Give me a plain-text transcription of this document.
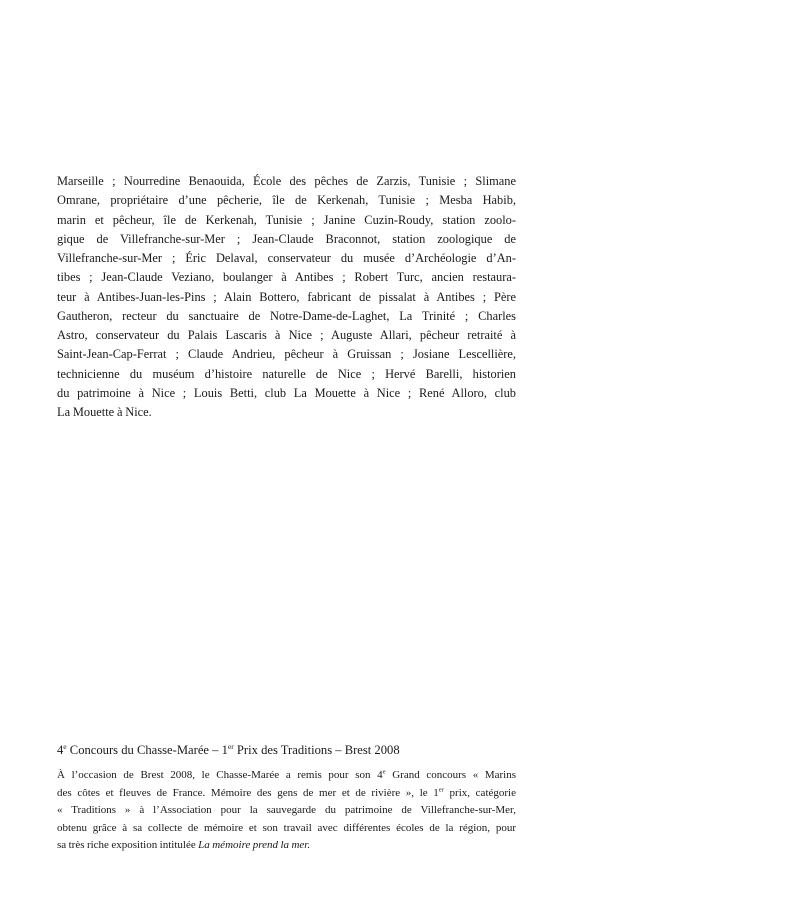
Marseille ; Nourredine Benaouida, École des pêches de Zarzis, Tunisie ; Slimane
Omrane, propriétaire d’une pêcherie, île de Kerkenah, Tunisie ; Mesba Habib,
marin et pêcheur, île de Kerkenah, Tunisie ; Janine Cuzin-Roudy, station zoolo-
gique de Villefranche-sur-Mer ; Jean-Claude Braconnot, station zoologique de
Villefranche-sur-Mer ; Éric Delaval, conservateur du musée d’Archéologie d’An-
tibes ; Jean-Claude Veziano, boulanger à Antibes ; Robert Turc, ancien restaura-
teur à Antibes-Juan-les-Pins ; Alain Bottero, fabricant de pissalat à Antibes ; Père
Gautheron, recteur du sanctuaire de Notre-Dame-de-Laghet, La Trinité ; Charles
Astro, conservateur du Palais Lascaris à Nice ; Auguste Allari, pêcheur retraité à
Saint-Jean-Cap-Ferrat ; Claude Andrieu, pêcheur à Gruissan ; Josiane Lescellière,
technicienne du muséum d’histoire naturelle de Nice ; Hervé Barelli, historien
du patrimoine à Nice ; Louis Betti, club La Mouette à Nice ; René Alloro, club
La Mouette à Nice.
4e Concours du Chasse-Marée – 1er Prix des Traditions – Brest 2008
À l’occasion de Brest 2008, le Chasse-Marée a remis pour son 4e Grand concours « Marins
des côtes et fleuves de France. Mémoire des gens de mer et de rivière », le 1er prix, catégorie
« Traditions » à l’Association pour la sauvegarde du patrimoine de Villefranche-sur-Mer,
obtenu grâce à sa collecte de mémoire et son travail avec différentes écoles de la région, pour
sa très riche exposition intitulée La mémoire prend la mer.
